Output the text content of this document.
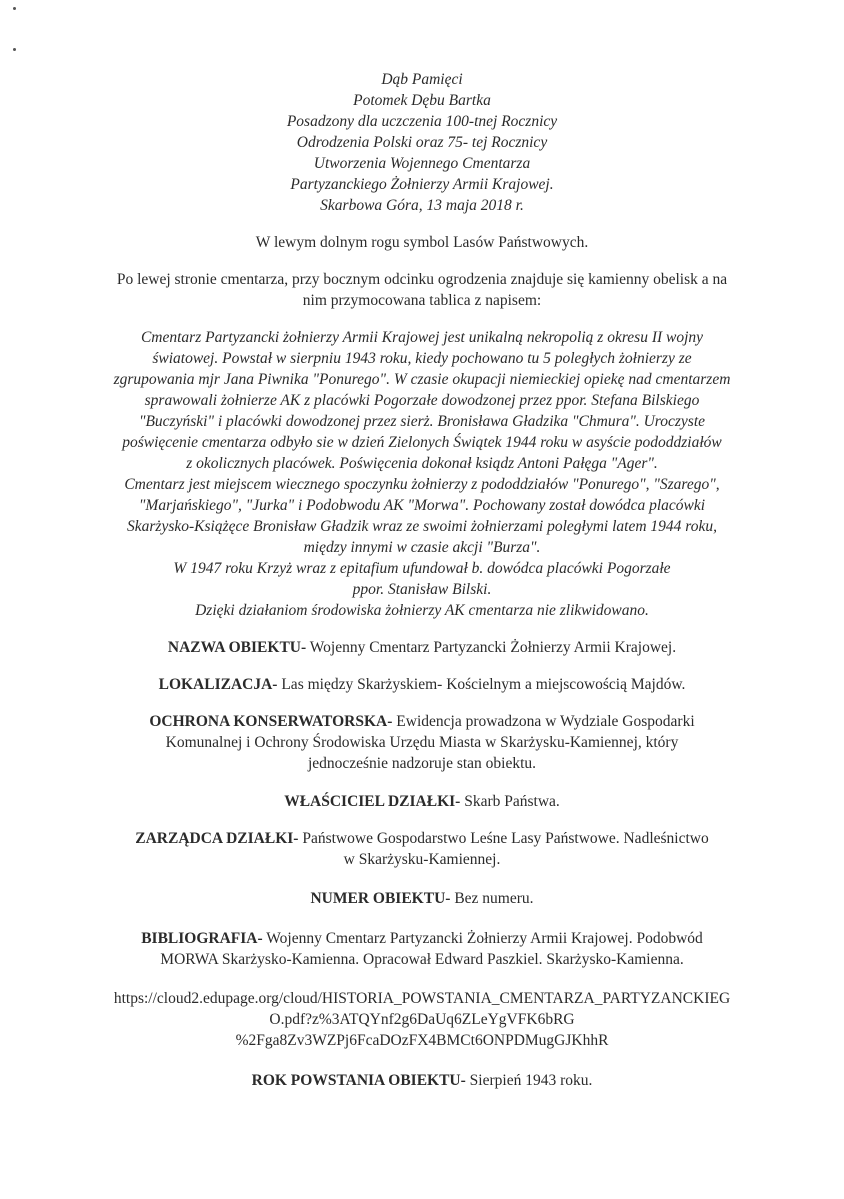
Dąb Pamięci
Potomek Dębu Bartka
Posadzony dla uczczenia 100-tnej Rocznicy
Odrodzenia Polski oraz 75- tej Rocznicy
Utworzenia Wojennego Cmentarza
Partyzanckiego Żołnierzy Armii Krajowej.
Skarbowa Góra, 13 maja 2018 r.
W lewym dolnym rogu symbol Lasów Państwowych.
Po lewej stronie cmentarza, przy bocznym odcinku ogrodzenia znajduje się kamienny obelisk a na
nim przymocowana tablica z napisem:
Cmentarz Partyzancki żołnierzy Armii Krajowej jest unikalną nekropolią z okresu II wojny
światowej. Powstał w sierpniu 1943 roku, kiedy pochowano tu 5 poległych żołnierzy ze
zgrupowania mjr Jana Piwnika "Ponurego". W czasie okupacji niemieckiej opiekę nad cmentarzem
sprawowali żołnierze AK z placówki Pogorzałe dowodzonej przez ppor. Stefana Bilskiego
"Buczyński" i placówki dowodzonej przez sierż. Bronisława Gładzika "Chmura". Uroczyste
poświęcenie cmentarza odbyło sie w dzień Zielonych Świątek 1944 roku w asyście pododdziałów
z okolicznych placówek. Poświęcenia dokonał ksiądz Antoni Pałęga "Ager".
Cmentarz jest miejscem wiecznego spoczynku żołnierzy z pododdziałów "Ponurego", "Szarego",
"Marjańskiego", "Jurka" i Podobwodu AK "Morwa". Pochowany został dowódca placówki
Skarżysko-Książęce Bronisław Gładzik wraz ze swoimi żołnierzami poległymi latem 1944 roku,
między innymi w czasie akcji "Burza".
W 1947 roku Krzyż wraz z epitafium ufundował b. dowódca placówki Pogorzałe
ppor. Stanisław Bilski.
Dzięki działaniom środowiska żołnierzy AK cmentarza nie zlikwidowano.
NAZWA OBIEKTU- Wojenny Cmentarz Partyzancki Żołnierzy Armii Krajowej.
LOKALIZACJA- Las między Skarżyskiem- Kościelnym a miejscowością Majdów.
OCHRONA KONSERWATORSKA- Ewidencja prowadzona w Wydziale Gospodarki
Komunalnej i Ochrony Środowiska Urzędu Miasta w Skarżysku-Kamiennej, który
jednocześnie nadzoruje stan obiektu.
WŁAŚCICIEL DZIAŁKI- Skarb Państwa.
ZARZĄDCA DZIAŁKI- Państwowe Gospodarstwo Leśne Lasy Państwowe. Nadleśnictwo
w Skarżysku-Kamiennej.
NUMER OBIEKTU- Bez numeru.
BIBLIOGRAFIA- Wojenny Cmentarz Partyzancki Żołnierzy Armii Krajowej. Podobwód
MORWA Skarżysko-Kamienna. Opracował Edward Paszkiel. Skarżysko-Kamienna.
https://cloud2.edupage.org/cloud/HISTORIA_POWSTANIA_CMENTARZA_PARTYZANCKIEG
O.pdf?z%3ATQYnf2g6DaUq6ZLeYgVFK6bRG
%2Fga8Zv3WZPj6FcaDOzFX4BMCt6ONPDMugGJKhhR
ROK POWSTANIA OBIEKTU- Sierpień 1943 roku.
